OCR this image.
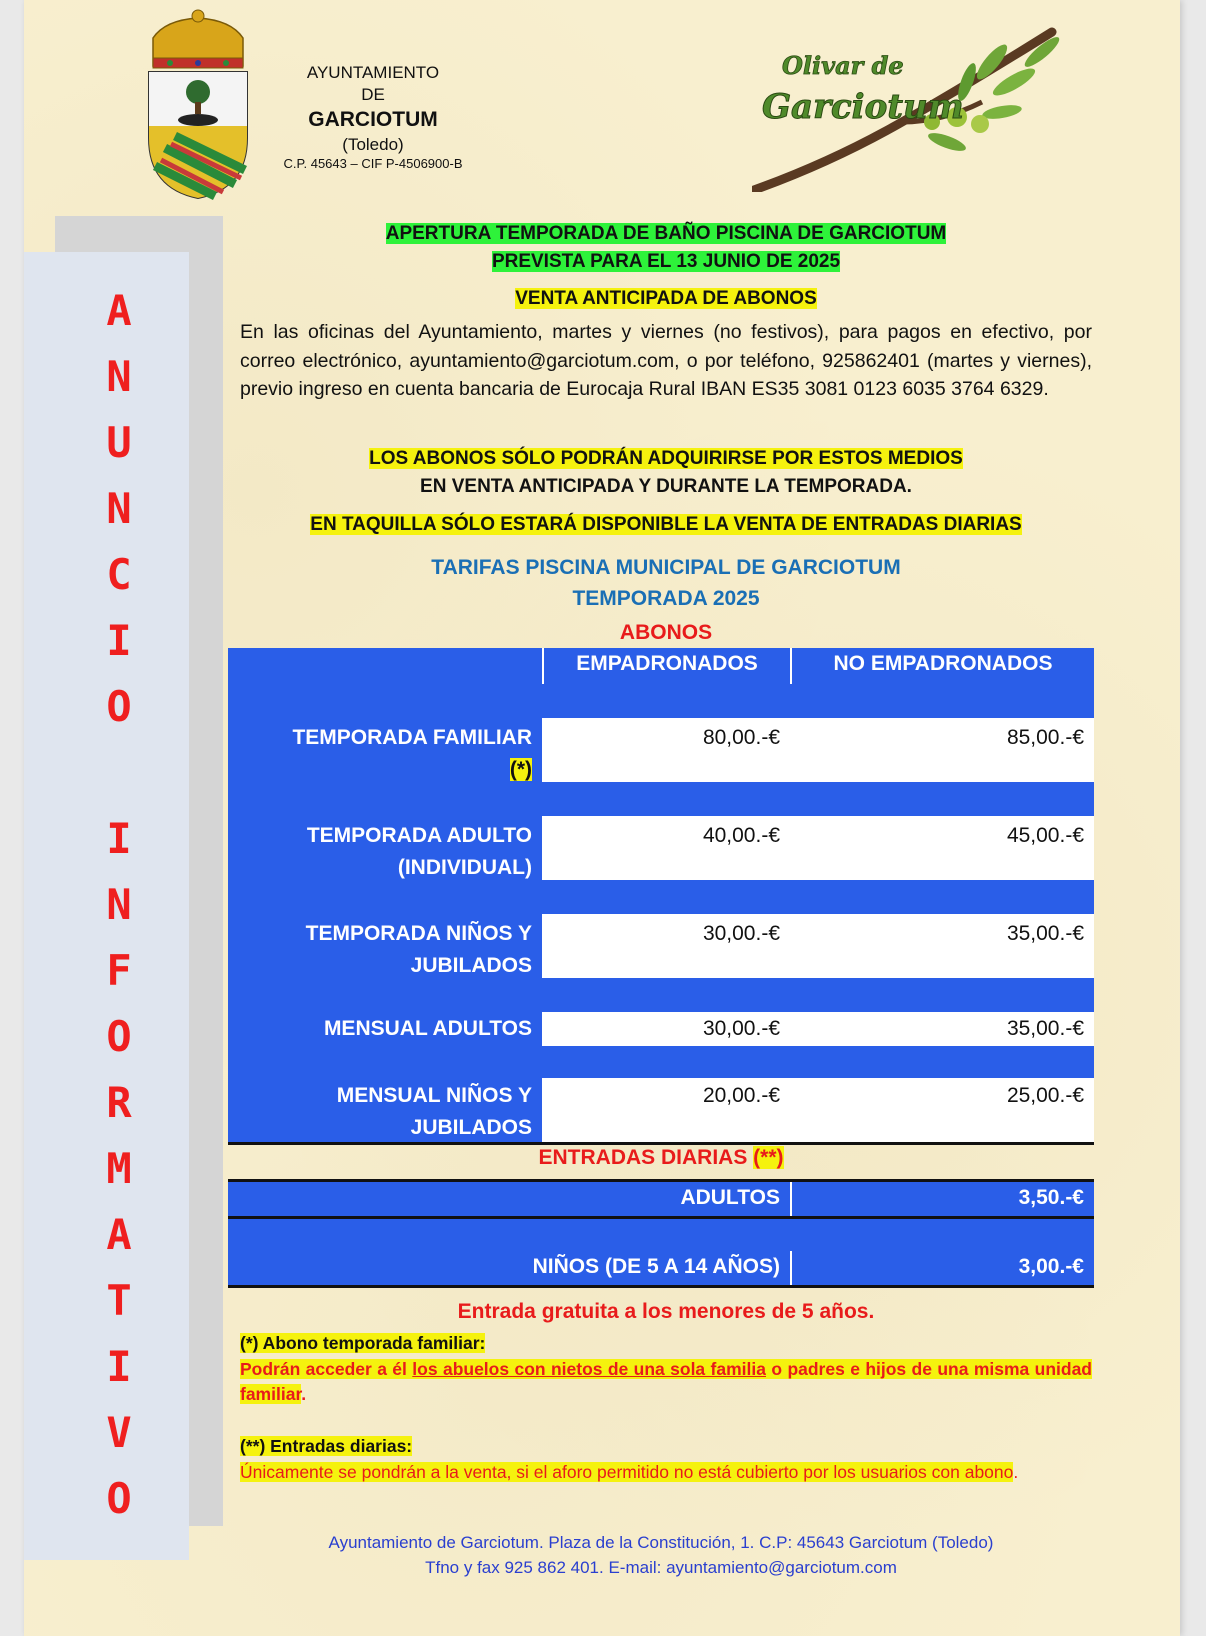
AYUNTAMIENTO
DE
GARCIOTUM
(Toledo)
C.P. 45643 – CIF P-4506900-B
Olivar de
Garciotum
A
N
U
N
C
I
O
I
N
F
O
R
M
A
T
I
V
O
APERTURA TEMPORADA DE BAÑO PISCINA DE GARCIOTUM
PREVISTA PARA EL 13 JUNIO DE 2025
VENTA ANTICIPADA DE ABONOS
En las oficinas del Ayuntamiento, martes y viernes (no festivos), para pagos en efectivo, por correo electrónico, ayuntamiento@garciotum.com, o por teléfono, 925862401 (martes y viernes), previo ingreso en cuenta bancaria de Eurocaja Rural IBAN ES35 3081 0123 6035 3764 6329.
LOS ABONOS SÓLO PODRÁN ADQUIRIRSE POR ESTOS MEDIOS
EN VENTA ANTICIPADA Y DURANTE LA TEMPORADA.
EN TAQUILLA SÓLO ESTARÁ DISPONIBLE LA VENTA DE ENTRADAS DIARIAS
TARIFAS PISCINA MUNICIPAL DE GARCIOTUM
TEMPORADA 2025
ABONOS
EMPADRONADOS	NO EMPADRONADOS
TEMPORADA FAMILIAR
(*)
80,00.-€	85,00.-€
TEMPORADA ADULTO
(INDIVIDUAL)
40,00.-€	45,00.-€
TEMPORADA NIÑOS Y
JUBILADOS
30,00.-€	35,00.-€
MENSUAL ADULTOS	30,00.-€	35,00.-€
MENSUAL NIÑOS Y
JUBILADOS
20,00.-€	25,00.-€
ADULTOS	3,50.-€
NIÑOS (DE 5 A 14 AÑOS)	3,00.-€
ENTRADAS DIARIAS (**)
Entrada gratuita a los menores de 5 años.
(*) Abono temporada familiar:
Podrán acceder a él los abuelos con nietos de una sola familia o padres e hijos de una misma unidad familiar.
(**) Entradas diarias:
Únicamente se pondrán a la venta, si el aforo permitido no está cubierto por los usuarios con abono.
Ayuntamiento de Garciotum. Plaza de la Constitución, 1. C.P: 45643 Garciotum (Toledo)
Tfno y fax 925 862 401. E-mail: ayuntamiento@garciotum.com
